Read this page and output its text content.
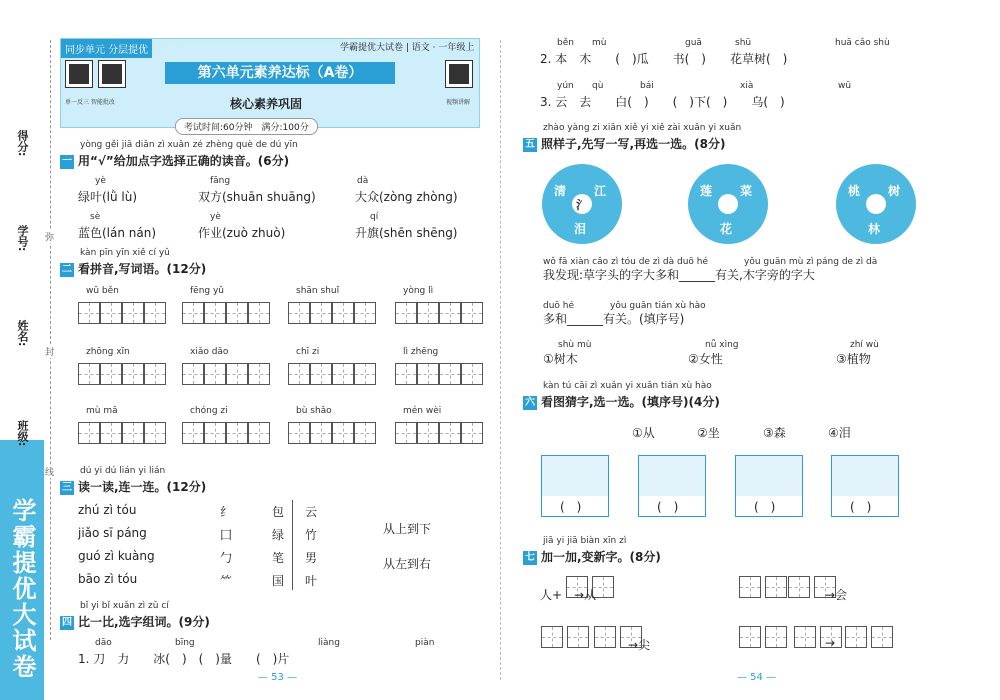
学霸提优大试卷
得分:
学号:
姓名:
班级:
弥
封
线
同步单元 分层提优
单一反三 智能批改	视频讲解
学霸提优大试卷 | 语文 · 一年级上
第六单元素养达标（A卷）
核心素养巩固
考试时间:60分钟　满分:100分
yòng gěi jiā diǎn zì xuǎn zé zhèng què de dú yīn
一 用“√”给加点字选择正确的读音。(6分)
yè
绿叶(lǜ lù)
fāng
双方(shuān shuāng)
dà
大众(zòng zhòng)
sè
蓝色(lán nán)
yè
作业(zuò zhuò)
qí
升旗(shēn shēng)
kàn pīn yīn xiě cí yǔ
二 看拼音,写词语。(12分)
wǔ běn	fēng yǔ	shān shuǐ	yòng lì
zhōng xīn	xiǎo dāo	chī zi	lì zhēng
mù mǎ	chóng zi	bù shǎo	mén wèi
dú yi dú lián yi lián
三 读一读,连一连。(12分)
zhú zì tóu
jiǎo sī páng
guó zì kuàng
bāo zì tóu
纟
囗
勹
⺮
包
绿
笔
国
云
竹
男
叶
从上到下
从左到右
bǐ yi bǐ xuǎn zì zǔ cí
四 比一比,选字组词。(9分)
dāo	bīng	liàng	piàn
1. 刀　力　　冰(　)　(　)量　　(　)片
— 53 —
běn mù	guā	shū	huā cǎo shù
2. 本　木　　(　)瓜　　书(　)　　花草树(　)
yún qù	bái	xià	wū
3. 云　去　　白(　)　　(　)下(　)　　乌(　)
zhào yàng zi xiān xiě yi xiě zài xuǎn yi xuǎn
五 照样子,先写一写,再选一选。(8分)
清 江
氵
泪
莲 菜
花
桃 树
林
wǒ fā xiàn cǎo zì tóu de zì dà duō hé　　　　yǒu guān mù zì páng de zì dà
我发现:草字头的字大多和______有关,木字旁的字大
duō hé　　　　yǒu guān tián xù hào
多和______有关。(填序号)
shù mù	nǚ xìng	zhí wù
①树木	②女性	③植物
kàn tú cāi zì xuǎn yi xuǎn tián xù hào
六 看图猜字,选一选。(填序号)(4分)
①从	②坐	③森	④泪
(　)	(　)	(　)	(　)
jiā yi jiā biàn xīn zì
七 加一加,变新字。(8分)
人+　→从	→会
→尖	→
— 54 —
